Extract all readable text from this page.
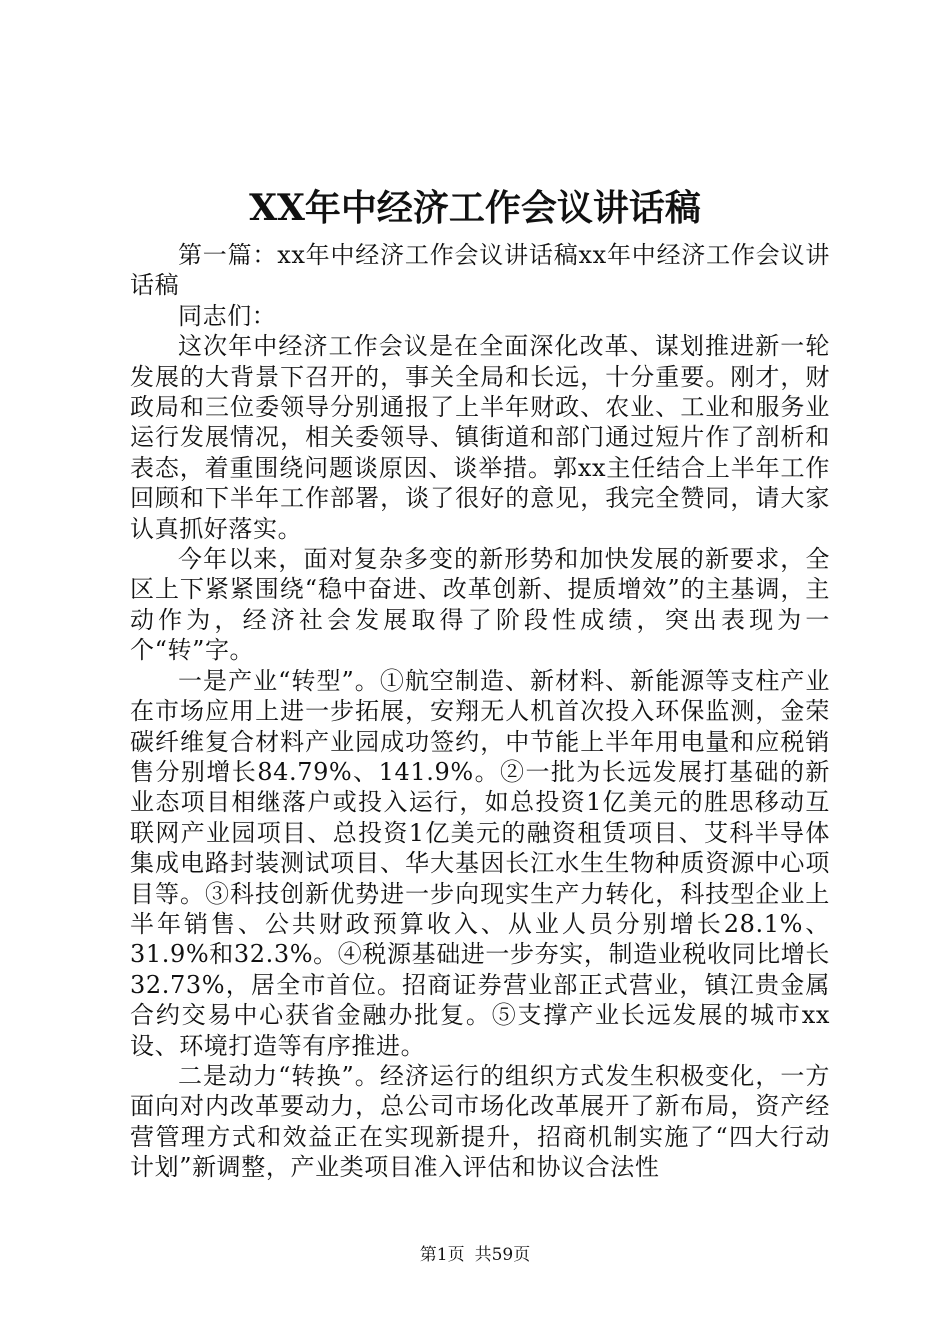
XX年中经济工作会议讲话稿

第一篇：xx年中经济工作会议讲话稿xx年中经济工作会议讲话稿

同志们：

这次年中经济工作会议是在全面深化改革、谋划推进新一轮发展的大背景下召开的，事关全局和长远，十分重要。刚才，财政局和三位委领导分别通报了上半年财政、农业、工业和服务业运行发展情况，相关委领导、镇街道和部门通过短片作了剖析和表态，着重围绕问题谈原因、谈举措。郭xx主任结合上半年工作回顾和下半年工作部署，谈了很好的意见，我完全赞同，请大家认真抓好落实。

今年以来，面对复杂多变的新形势和加快发展的新要求，全区上下紧紧围绕“稳中奋进、改革创新、提质增效”的主基调，主动作为，经济社会发展取得了阶段性成绩，突出表现为一个“转”字。

一是产业“转型”。①航空制造、新材料、新能源等支柱产业在市场应用上进一步拓展，安翔无人机首次投入环保监测，金荣碳纤维复合材料产业园成功签约，中节能上半年用电量和应税销售分别增长84.79%、141.9%。②一批为长远发展打基础的新业态项目相继落户或投入运行，如总投资1亿美元的胜思移动互联网产业园项目、总投资1亿美元的融资租赁项目、艾科半导体集成电路封装测试项目、华大基因长江水生生物种质资源中心项目等。③科技创新优势进一步向现实生产力转化，科技型企业上半年销售、公共财政预算收入、从业人员分别增长28.1%、31.9%和32.3%。④税源基础进一步夯实，制造业税收同比增长32.73%，居全市首位。招商证券营业部正式营业，镇江贵金属合约交易中心获省金融办批复。⑤支撑产业长远发展的城市xx设、环境打造等有序推进。

二是动力“转换”。经济运行的组织方式发生积极变化，一方面向对内改革要动力，总公司市场化改革展开了新布局，资产经营管理方式和效益正在实现新提升，招商机制实施了“四大行动计划”新调整，产业类项目准入评估和协议合法性

第1页 共59页
